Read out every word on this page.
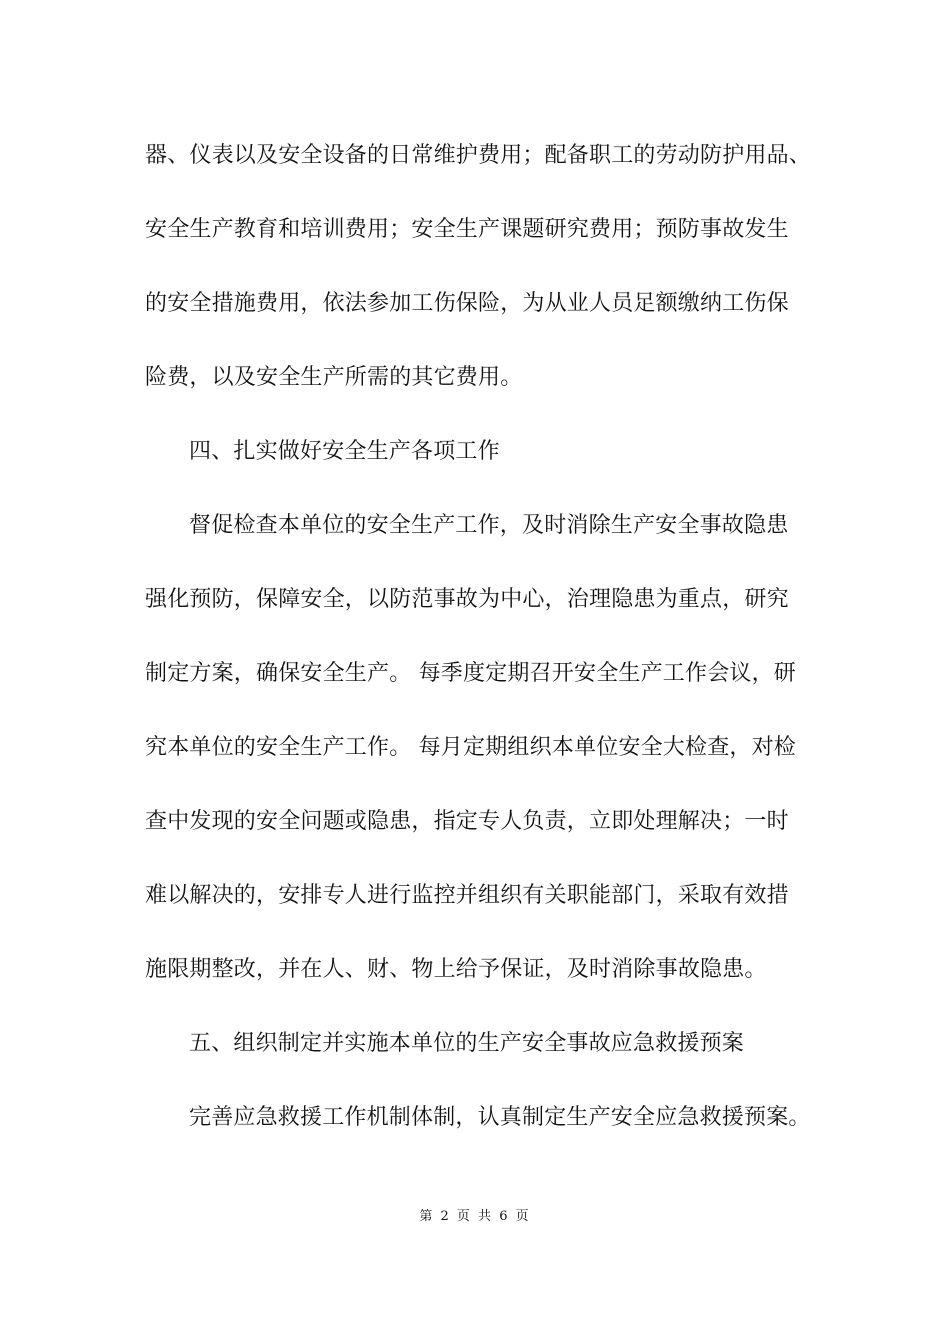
器、仪表以及安全设备的日常维护费用；配备职工的劳动防护用品、
安全生产教育和培训费用；安全生产课题研究费用；预防事故发生
的安全措施费用，依法参加工伤保险，为从业人员足额缴纳工伤保
险费，以及安全生产所需的其它费用。
四、扎实做好安全生产各项工作
督促检查本单位的安全生产工作，及时消除生产安全事故隐患
强化预防，保障安全，以防范事故为中心，治理隐患为重点，研究
制定方案，确保安全生产。 每季度定期召开安全生产工作会议，研
究本单位的安全生产工作。 每月定期组织本单位安全大检查，对检
查中发现的安全问题或隐患，指定专人负责，立即处理解决；一时
难以解决的，安排专人进行监控并组织有关职能部门，采取有效措
施限期整改，并在人、财、物上给予保证，及时消除事故隐患。
五、组织制定并实施本单位的生产安全事故应急救援预案
完善应急救援工作机制体制，认真制定生产安全应急救援预案。
第 2 页 共 6 页
